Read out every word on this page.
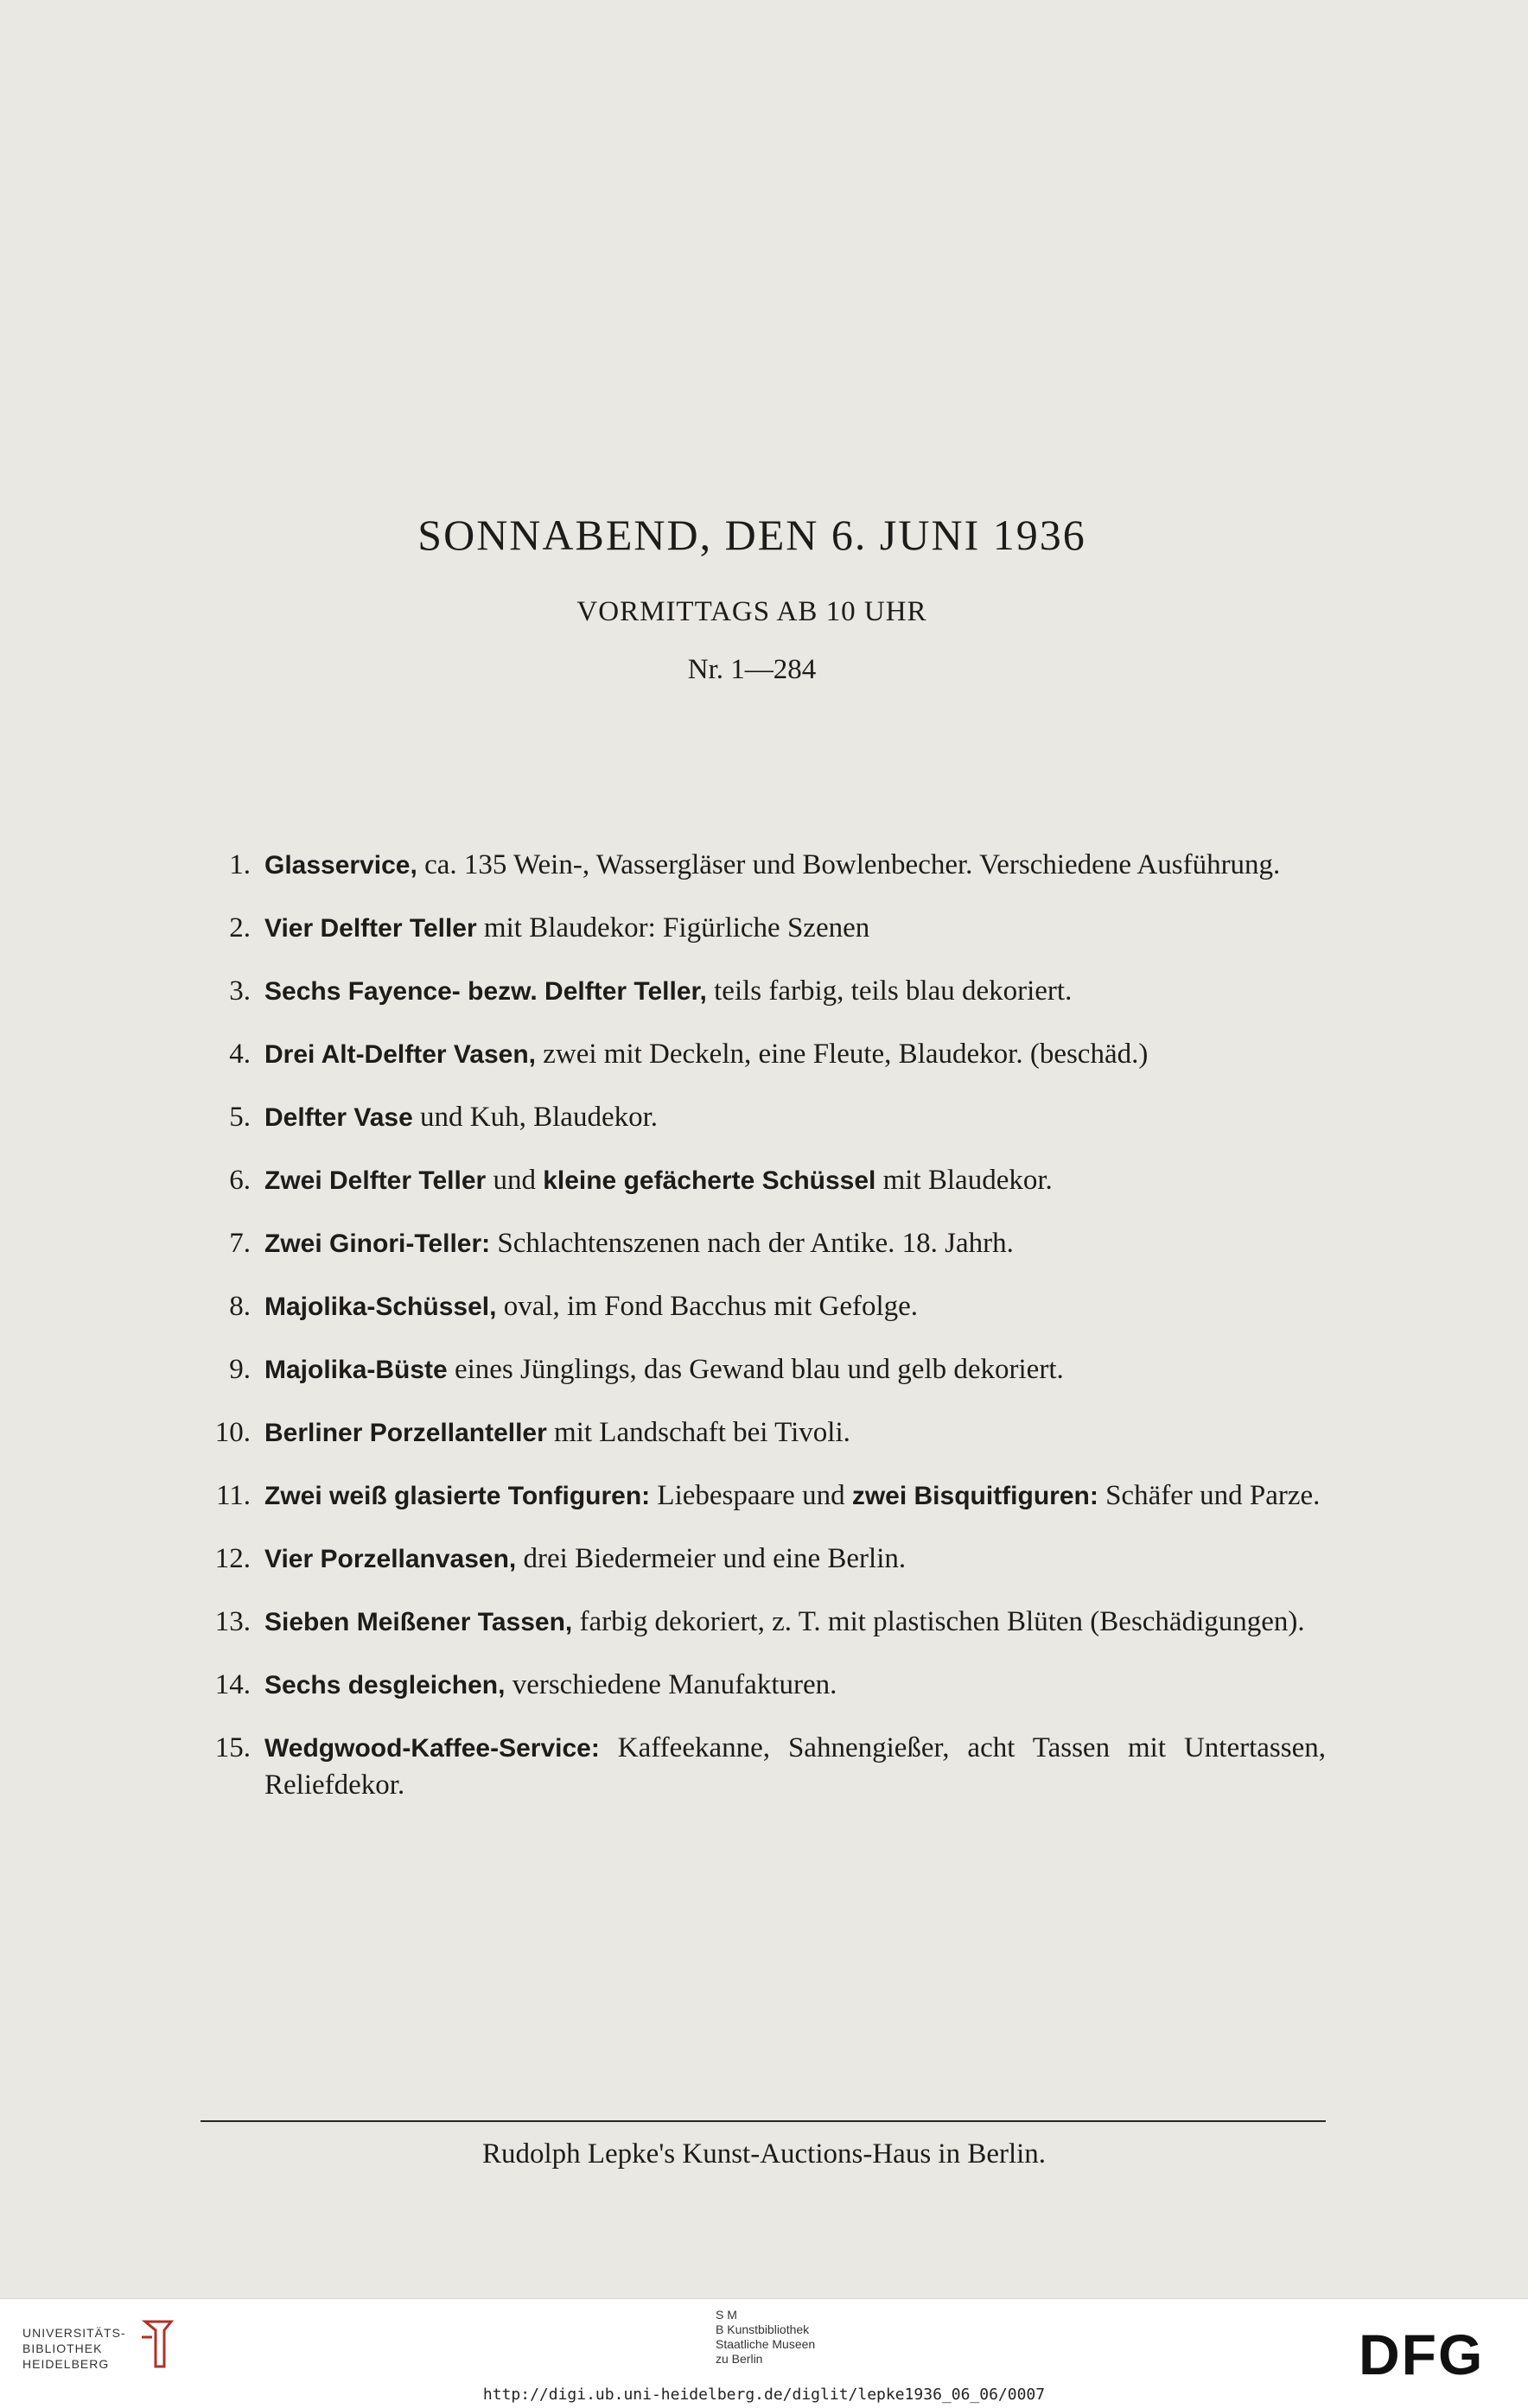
SONNABEND, DEN 6. JUNI 1936
VORMITTAGS AB 10 UHR
Nr. 1—284
1. Glasservice, ca. 135 Wein-, Wassergläser und Bowlenbecher. Verschiedene Ausführung.
2. Vier Delfter Teller mit Blaudekor: Figürliche Szenen
3. Sechs Fayence- bezw. Delfter Teller, teils farbig, teils blau dekoriert.
4. Drei Alt-Delfter Vasen, zwei mit Deckeln, eine Fleute, Blaudekor. (beschäd.)
5. Delfter Vase und Kuh, Blaudekor.
6. Zwei Delfter Teller und kleine gefächerte Schüssel mit Blaudekor.
7. Zwei Ginori-Teller: Schlachtenszenen nach der Antike. 18. Jahrh.
8. Majolika-Schüssel, oval, im Fond Bacchus mit Gefolge.
9. Majolika-Büste eines Jünglings, das Gewand blau und gelb dekoriert.
10. Berliner Porzellanteller mit Landschaft bei Tivoli.
11. Zwei weiß glasierte Tonfiguren: Liebespaare und zwei Bisquitfiguren: Schäfer und Parze.
12. Vier Porzellanvasen, drei Biedermeier und eine Berlin.
13. Sieben Meißener Tassen, farbig dekoriert, z. T. mit plastischen Blüten (Beschädigungen).
14. Sechs desgleichen, verschiedene Manufakturen.
15. Wedgwood-Kaffee-Service: Kaffeekanne, Sahnengießer, acht Tassen mit Untertassen, Reliefdekor.
Rudolph Lepke's Kunst-Auctions-Haus in Berlin.
UNIVERSITÄTS-
BIBLIOTHEK
HEIDELBERG
S M
B Kunstbibliothek
Staatliche Museen
zu Berlin	DFG
http://digi.ub.uni-heidelberg.de/diglit/lepke1936_06_06/0007
